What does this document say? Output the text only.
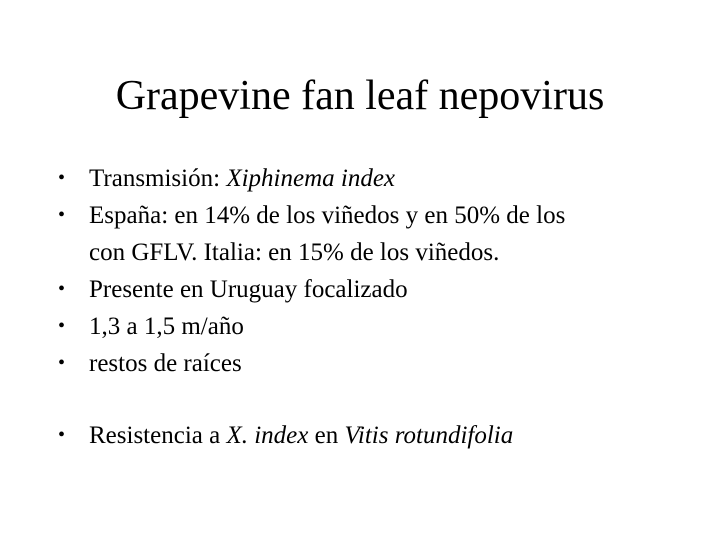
Grapevine fan leaf nepovirus
• Transmisión: Xiphinema index
• España: en 14% de los viñedos y en 50% de los
con GFLV. Italia: en 15% de los viñedos.
• Presente en Uruguay focalizado
• 1,3 a 1,5 m/año
• restos de raíces
• Resistencia a X. index en Vitis rotundifolia
